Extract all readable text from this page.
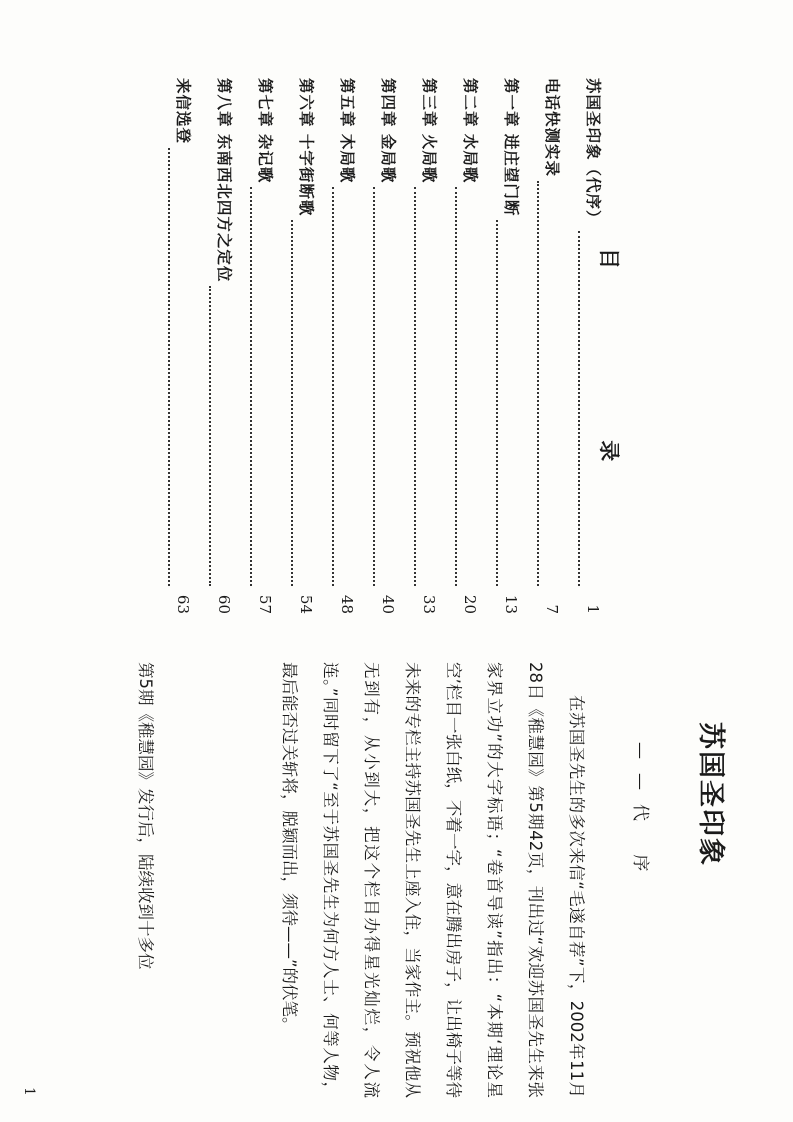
目 录
苏国圣印象（代序）
1
电话快测实录
7
第一章 进庄望门断
13
第二章 水局歌
20
第三章 火局歌
33
第四章 金局歌
40
第五章 木局歌
48
第六章 十字街断歌
54
第七章 杂记歌
57
第八章 东南西北四方之定位
60
来信选登
63
苏国圣印象
——代 序

在苏国圣先生的多次来信“毛遂自荐”下，2002年11月28日《稚慧园》第5期42页，刊出过“欢迎苏国圣先生来张家界立功”的大字标语；“卷首导读”指出：“本期‘理论星空’栏目一张白纸，不着一字，意在腾出房子，让出椅子等待未来的专栏主持苏国圣先生上座入住，当家作主。预祝他从无到有，从小到大，把这个栏目办得星光灿烂，令人流连。”同时留下了“至于苏国圣先生为何方人士、何等人物，最后能否过关斩将，脱颖而出，须待——”的伏笔。

第5期《稚慧园》发行后，陆续收到十多位

1
